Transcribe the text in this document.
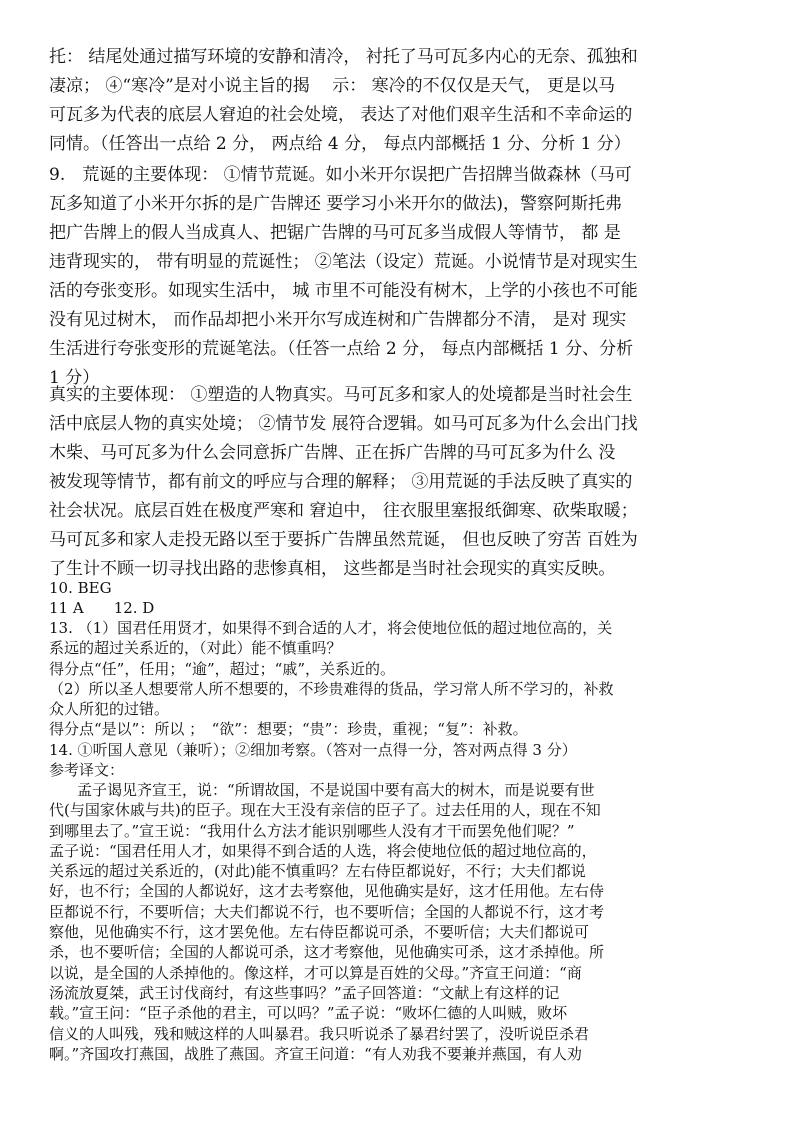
托： 结尾处通过描写环境的安静和清冷， 衬托了马可瓦多内心的无奈、孤独和
凄凉； ④“寒冷”是对小说主旨的揭　 示： 寒冷的不仅仅是天气， 更是以马
可瓦多为代表的底层人窘迫的社会处境， 表达了对他们艰辛生活和不幸命运的
同情。（任答出一点给 2 分， 两点给 4 分， 每点内部概括 1 分、分析 1 分）
9.　荒诞的主要体现： ①情节荒诞。如小米开尔误把广告招牌当做森林（马可
瓦多知道了小米开尔拆的是广告牌还 要学习小米开尔的做法)，警察阿斯托弗
把广告牌上的假人当成真人、把锯广告牌的马可瓦多当成假人等情节， 都 是
违背现实的， 带有明显的荒诞性； ②笔法（设定）荒诞。小说情节是对现实生
活的夸张变形。如现实生活中， 城 市里不可能没有树木，上学的小孩也不可能
没有见过树木， 而作品却把小米开尔写成连树和广告牌都分不清， 是对 现实
生活进行夸张变形的荒诞笔法。（任答一点给 2 分， 每点内部概括 1 分、分析
1 分）
真实的主要体现： ①塑造的人物真实。马可瓦多和家人的处境都是当时社会生
活中底层人物的真实处境； ②情节发 展符合逻辑。如马可瓦多为什么会出门找
木柴、马可瓦多为什么会同意拆广告牌、正在拆广告牌的马可瓦多为什么 没
被发现等情节，都有前文的呼应与合理的解释； ③用荒诞的手法反映了真实的
社会状况。底层百姓在极度严寒和 窘迫中， 往衣服里塞报纸御寒、砍柴取暖；
马可瓦多和家人走投无路以至于要拆广告牌虽然荒诞， 但也反映了穷苦 百姓为
了生计不顾一切寻找出路的悲惨真相， 这些都是当时社会现实的真实反映。
10. BEG
11 A　　12. D
13. （1）国君任用贤才，如果得不到合适的人才，将会使地位低的超过地位高的，关
系远的超过关系近的，（对此）能不慎重吗？
得分点“任”，任用；“逾”，超过；“戚”，关系近的。
（2）所以圣人想要常人所不想要的，不珍贵难得的货品，学习常人所不学习的，补救
众人所犯的过错。
得分点“是以”：所以 ；　“欲”：想要；“贵”：珍贵，重视；“复”：补救。
14. ①听国人意见（兼听）；②细加考察。（答对一点得一分，答对两点得 3 分）
参考译文：
孟子谒见齐宣王，说：“所谓故国，不是说国中要有高大的树木，而是说要有世
代(与国家休戚与共)的臣子。现在大王没有亲信的臣子了。过去任用的人，现在不知
到哪里去了。”宣王说：“我用什么方法才能识别哪些人没有才干而罢免他们呢？”
孟子说：“国君任用人才，如果得不到合适的人选，将会使地位低的超过地位高的，
关系远的超过关系近的，(对此)能不慎重吗？左右侍臣都说好，不行；大夫们都说
好，也不行；全国的人都说好，这才去考察他，见他确实是好，这才任用他。左右侍
臣都说不行，不要听信；大夫们都说不行，也不要听信；全国的人都说不行，这才考
察他，见他确实不行，这才罢免他。左右侍臣都说可杀，不要听信；大夫们都说可
杀，也不要听信；全国的人都说可杀，这才考察他，见他确实可杀，这才杀掉他。所
以说，是全国的人杀掉他的。像这样，才可以算是百姓的父母。”齐宣王问道：“商
汤流放夏桀，武王讨伐商纣，有这些事吗？”孟子回答道：“文献上有这样的记
载。”宣王问：“臣子杀他的君主，可以吗？”孟子说：“败坏仁德的人叫贼，败坏
信义的人叫残，残和贼这样的人叫暴君。我只听说杀了暴君纣罢了，没听说臣杀君
啊。”齐国攻打燕国，战胜了燕国。齐宣王问道：“有人劝我不要兼并燕国，有人劝
